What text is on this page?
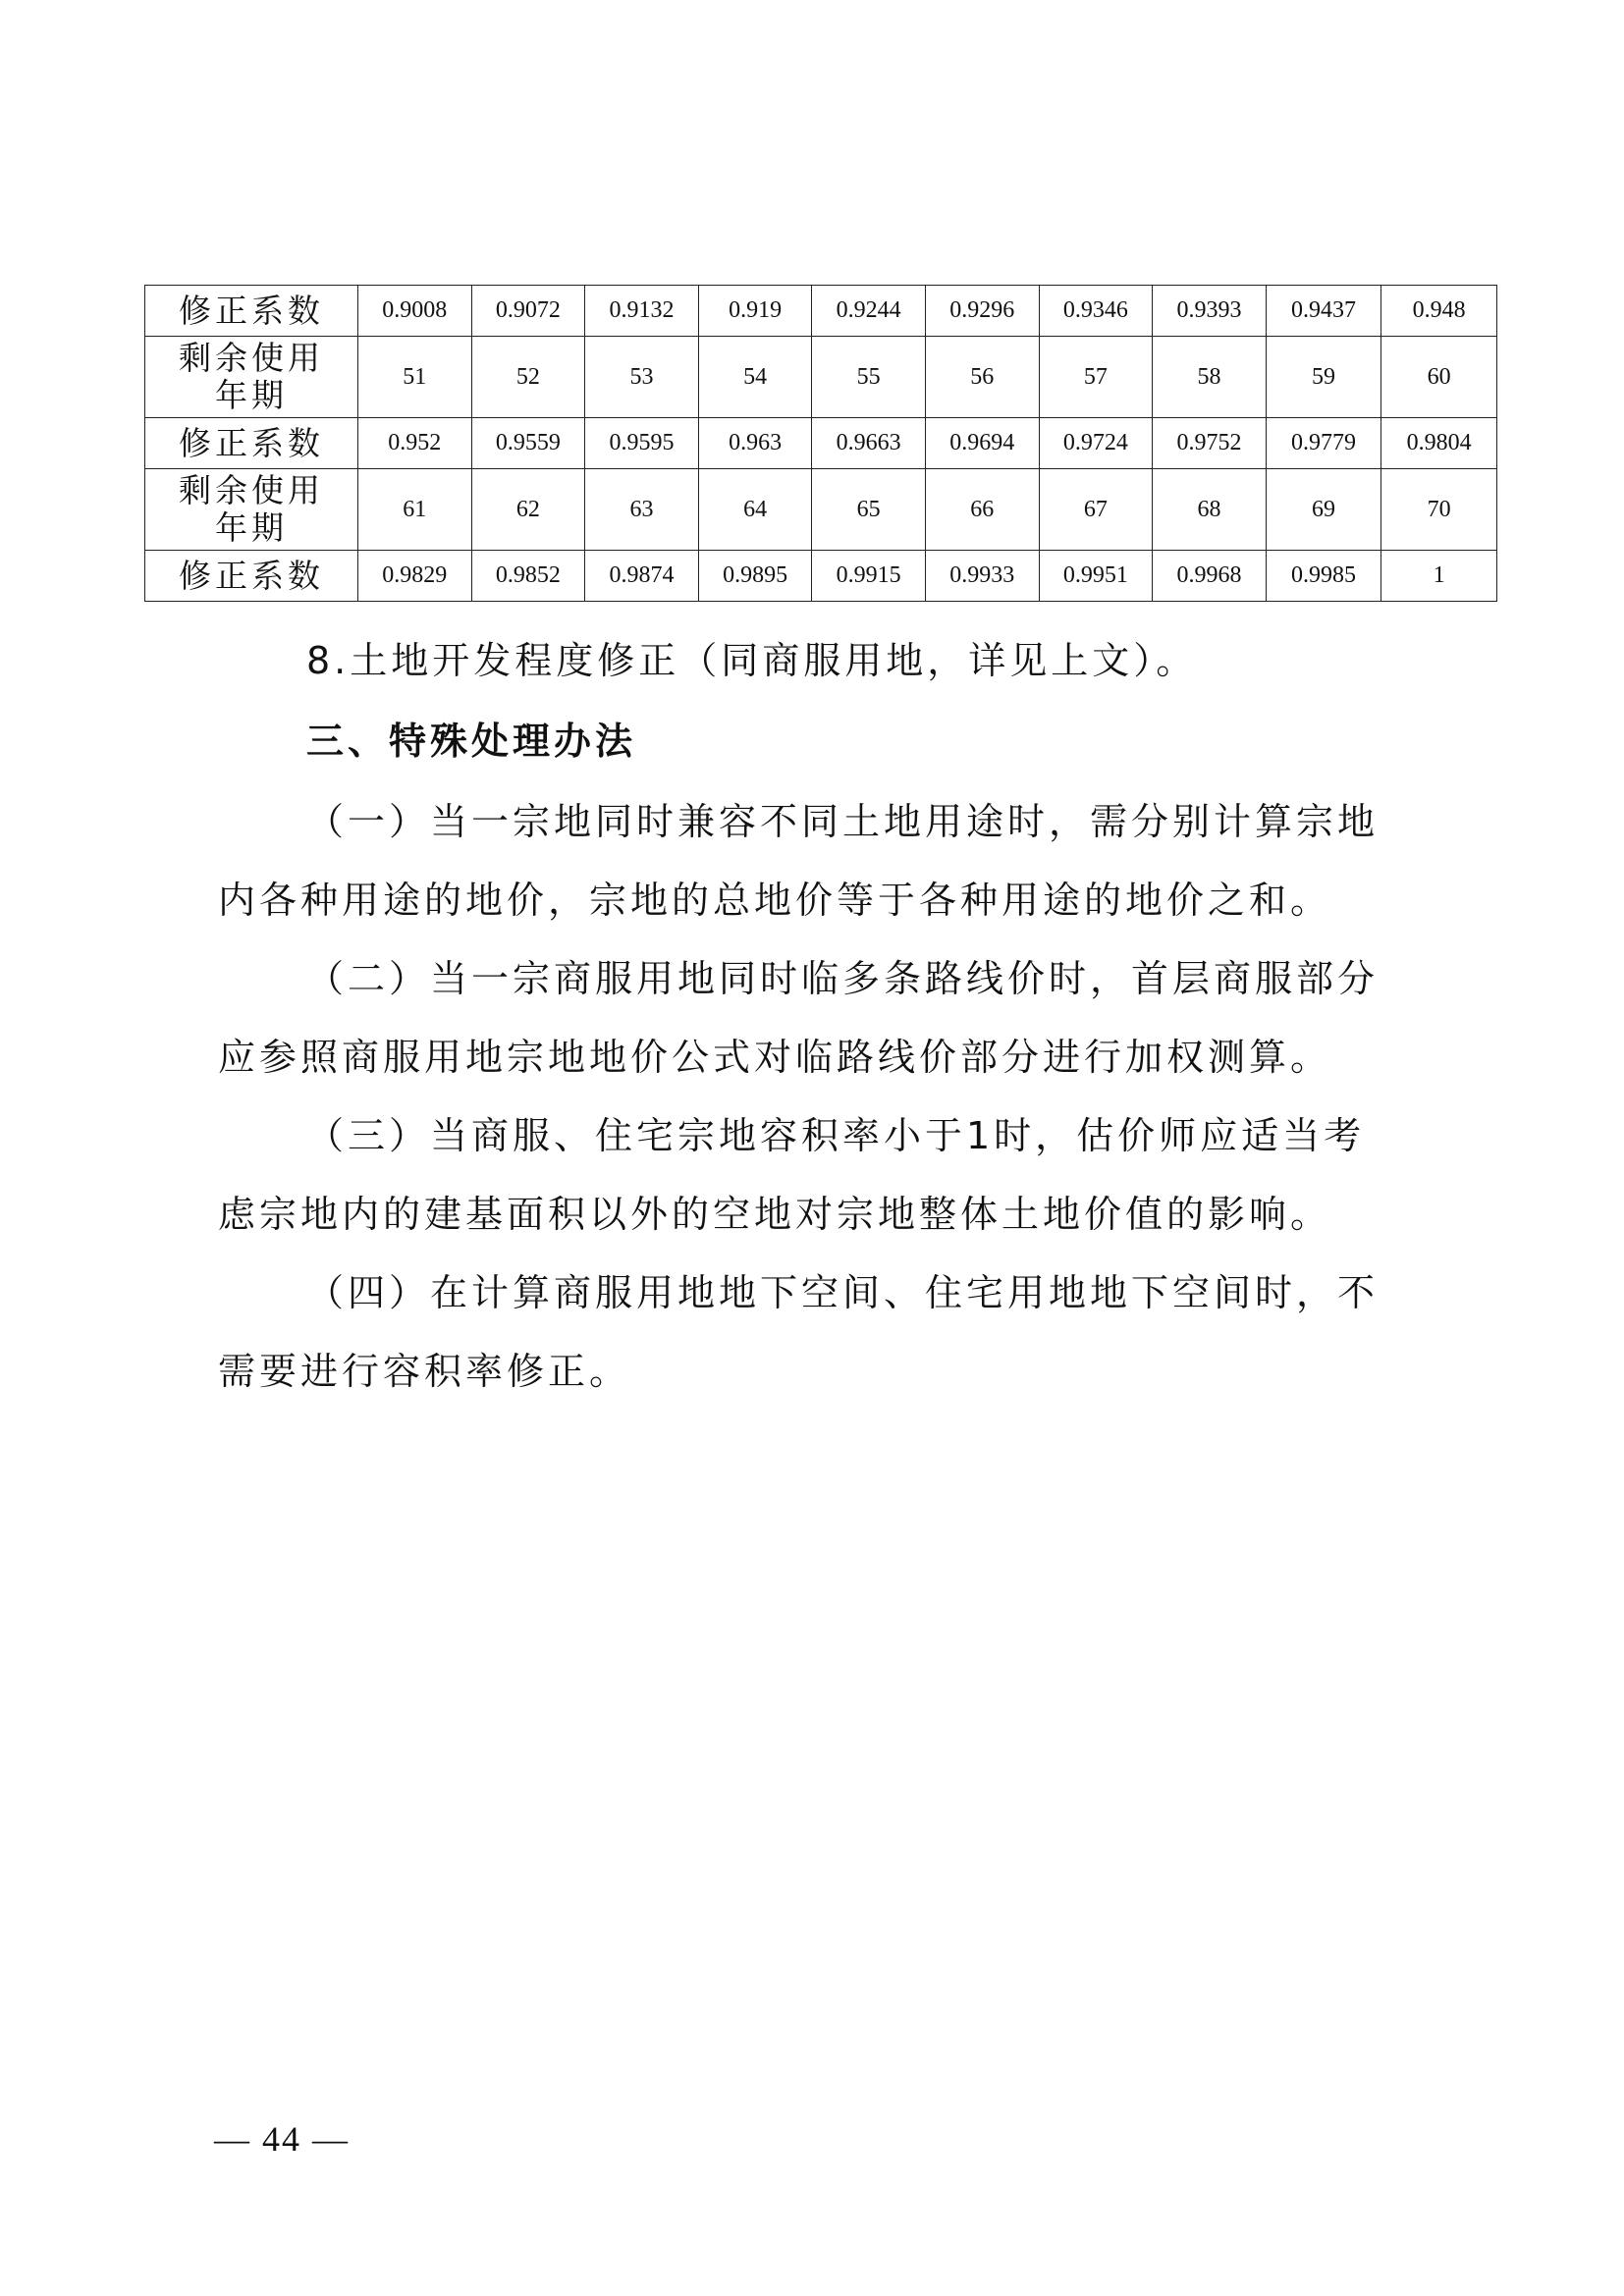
修正系数	0.9008	0.9072	0.9132	0.919	0.9244	0.9296	0.9346	0.9393	0.9437	0.948

剩余使用
年期	51	52	53	54	55	56	57	58	59	60

修正系数	0.952	0.9559	0.9595	0.963	0.9663	0.9694	0.9724	0.9752	0.9779	0.9804

剩余使用
年期	61	62	63	64	65	66	67	68	69	70

修正系数	0.9829	0.9852	0.9874	0.9895	0.9915	0.9933	0.9951	0.9968	0.9985	1

8.土地开发程度修正（同商服用地，详见上文）。

三、特殊处理办法

（一）当一宗地同时兼容不同土地用途时，需分别计算宗地

内各种用途的地价，宗地的总地价等于各种用途的地价之和。

（二）当一宗商服用地同时临多条路线价时，首层商服部分

应参照商服用地宗地地价公式对临路线价部分进行加权测算。

（三）当商服、住宅宗地容积率小于1时，估价师应适当考

虑宗地内的建基面积以外的空地对宗地整体土地价值的影响。

（四）在计算商服用地地下空间、住宅用地地下空间时，不

需要进行容积率修正。

— 44 —
